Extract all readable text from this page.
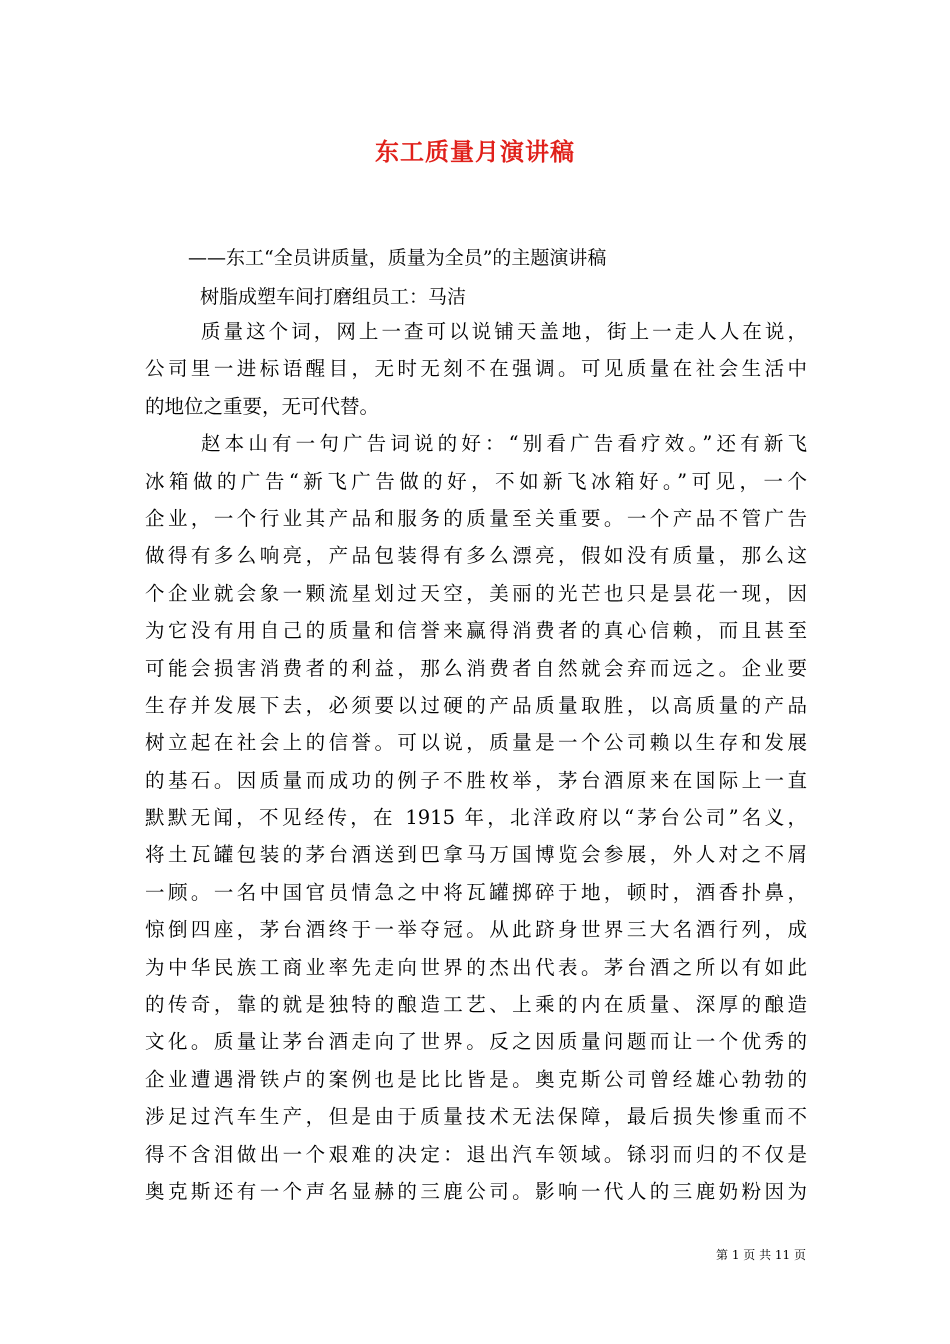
东工质量月演讲稿
——东工“全员讲质量，质量为全员”的主题演讲稿
树脂成塑车间打磨组员工：马洁
质量这个词，网上一查可以说铺天盖地，街上一走人人在说，
公司里一进标语醒目，无时无刻不在强调。可见质量在社会生活中
的地位之重要，无可代替。
赵本山有一句广告词说的好：“别看广告看疗效。”还有新飞
冰箱做的广告“新飞广告做的好，不如新飞冰箱好。”可见，一个
企业，一个行业其产品和服务的质量至关重要。一个产品不管广告
做得有多么响亮，产品包装得有多么漂亮，假如没有质量，那么这
个企业就会象一颗流星划过天空，美丽的光芒也只是昙花一现，因
为它没有用自己的质量和信誉来赢得消费者的真心信赖，而且甚至
可能会损害消费者的利益，那么消费者自然就会弃而远之。企业要
生存并发展下去，必须要以过硬的产品质量取胜，以高质量的产品
树立起在社会上的信誉。可以说，质量是一个公司赖以生存和发展
的基石。因质量而成功的例子不胜枚举，茅台酒原来在国际上一直
默默无闻，不见经传，在 1915 年，北洋政府以“茅台公司”名义，
将土瓦罐包装的茅台酒送到巴拿马万国博览会参展，外人对之不屑
一顾。一名中国官员情急之中将瓦罐掷碎于地，顿时，酒香扑鼻，
惊倒四座，茅台酒终于一举夺冠。从此跻身世界三大名酒行列，成
为中华民族工商业率先走向世界的杰出代表。茅台酒之所以有如此
的传奇，靠的就是独特的酿造工艺、上乘的内在质量、深厚的酿造
文化。质量让茅台酒走向了世界。反之因质量问题而让一个优秀的
企业遭遇滑铁卢的案例也是比比皆是。奥克斯公司曾经雄心勃勃的
涉足过汽车生产，但是由于质量技术无法保障，最后损失惨重而不
得不含泪做出一个艰难的决定：退出汽车领域。铩羽而归的不仅是
奥克斯还有一个声名显赫的三鹿公司。影响一代人的三鹿奶粉因为
第 1 页 共 11 页
